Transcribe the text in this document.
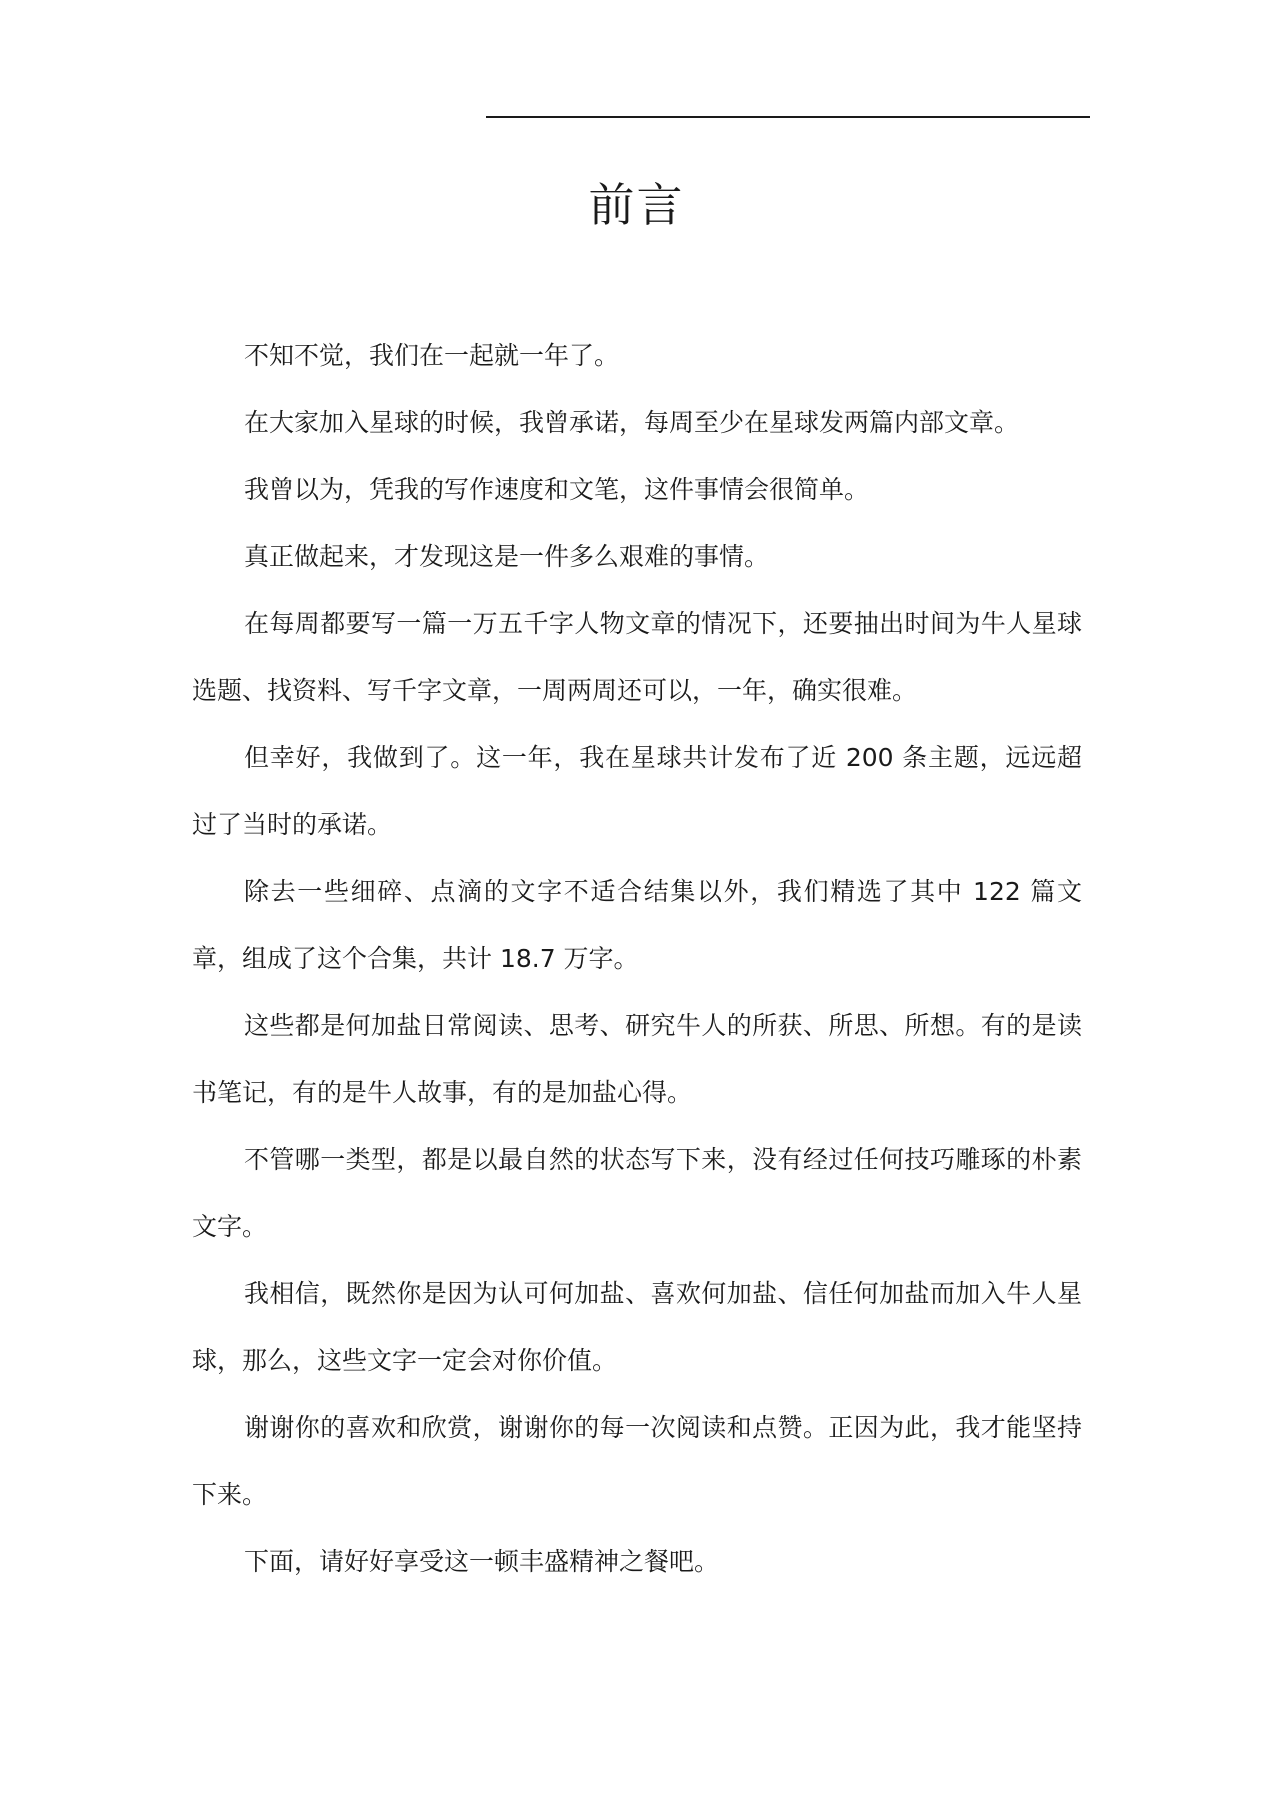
前言

不知不觉，我们在一起就一年了。

在大家加入星球的时候，我曾承诺，每周至少在星球发两篇内部文章。

我曾以为，凭我的写作速度和文笔，这件事情会很简单。

真正做起来，才发现这是一件多么艰难的事情。

在每周都要写一篇一万五千字人物文章的情况下，还要抽出时间为牛人星球选题、找资料、写千字文章，一周两周还可以，一年，确实很难。

但幸好，我做到了。这一年，我在星球共计发布了近 200 条主题，远远超过了当时的承诺。

除去一些细碎、点滴的文字不适合结集以外，我们精选了其中 122 篇文章，组成了这个合集，共计 18.7 万字。

这些都是何加盐日常阅读、思考、研究牛人的所获、所思、所想。有的是读书笔记，有的是牛人故事，有的是加盐心得。

不管哪一类型，都是以最自然的状态写下来，没有经过任何技巧雕琢的朴素文字。

我相信，既然你是因为认可何加盐、喜欢何加盐、信任何加盐而加入牛人星球，那么，这些文字一定会对你价值。

谢谢你的喜欢和欣赏，谢谢你的每一次阅读和点赞。正因为此，我才能坚持下来。

下面，请好好享受这一顿丰盛精神之餐吧。
